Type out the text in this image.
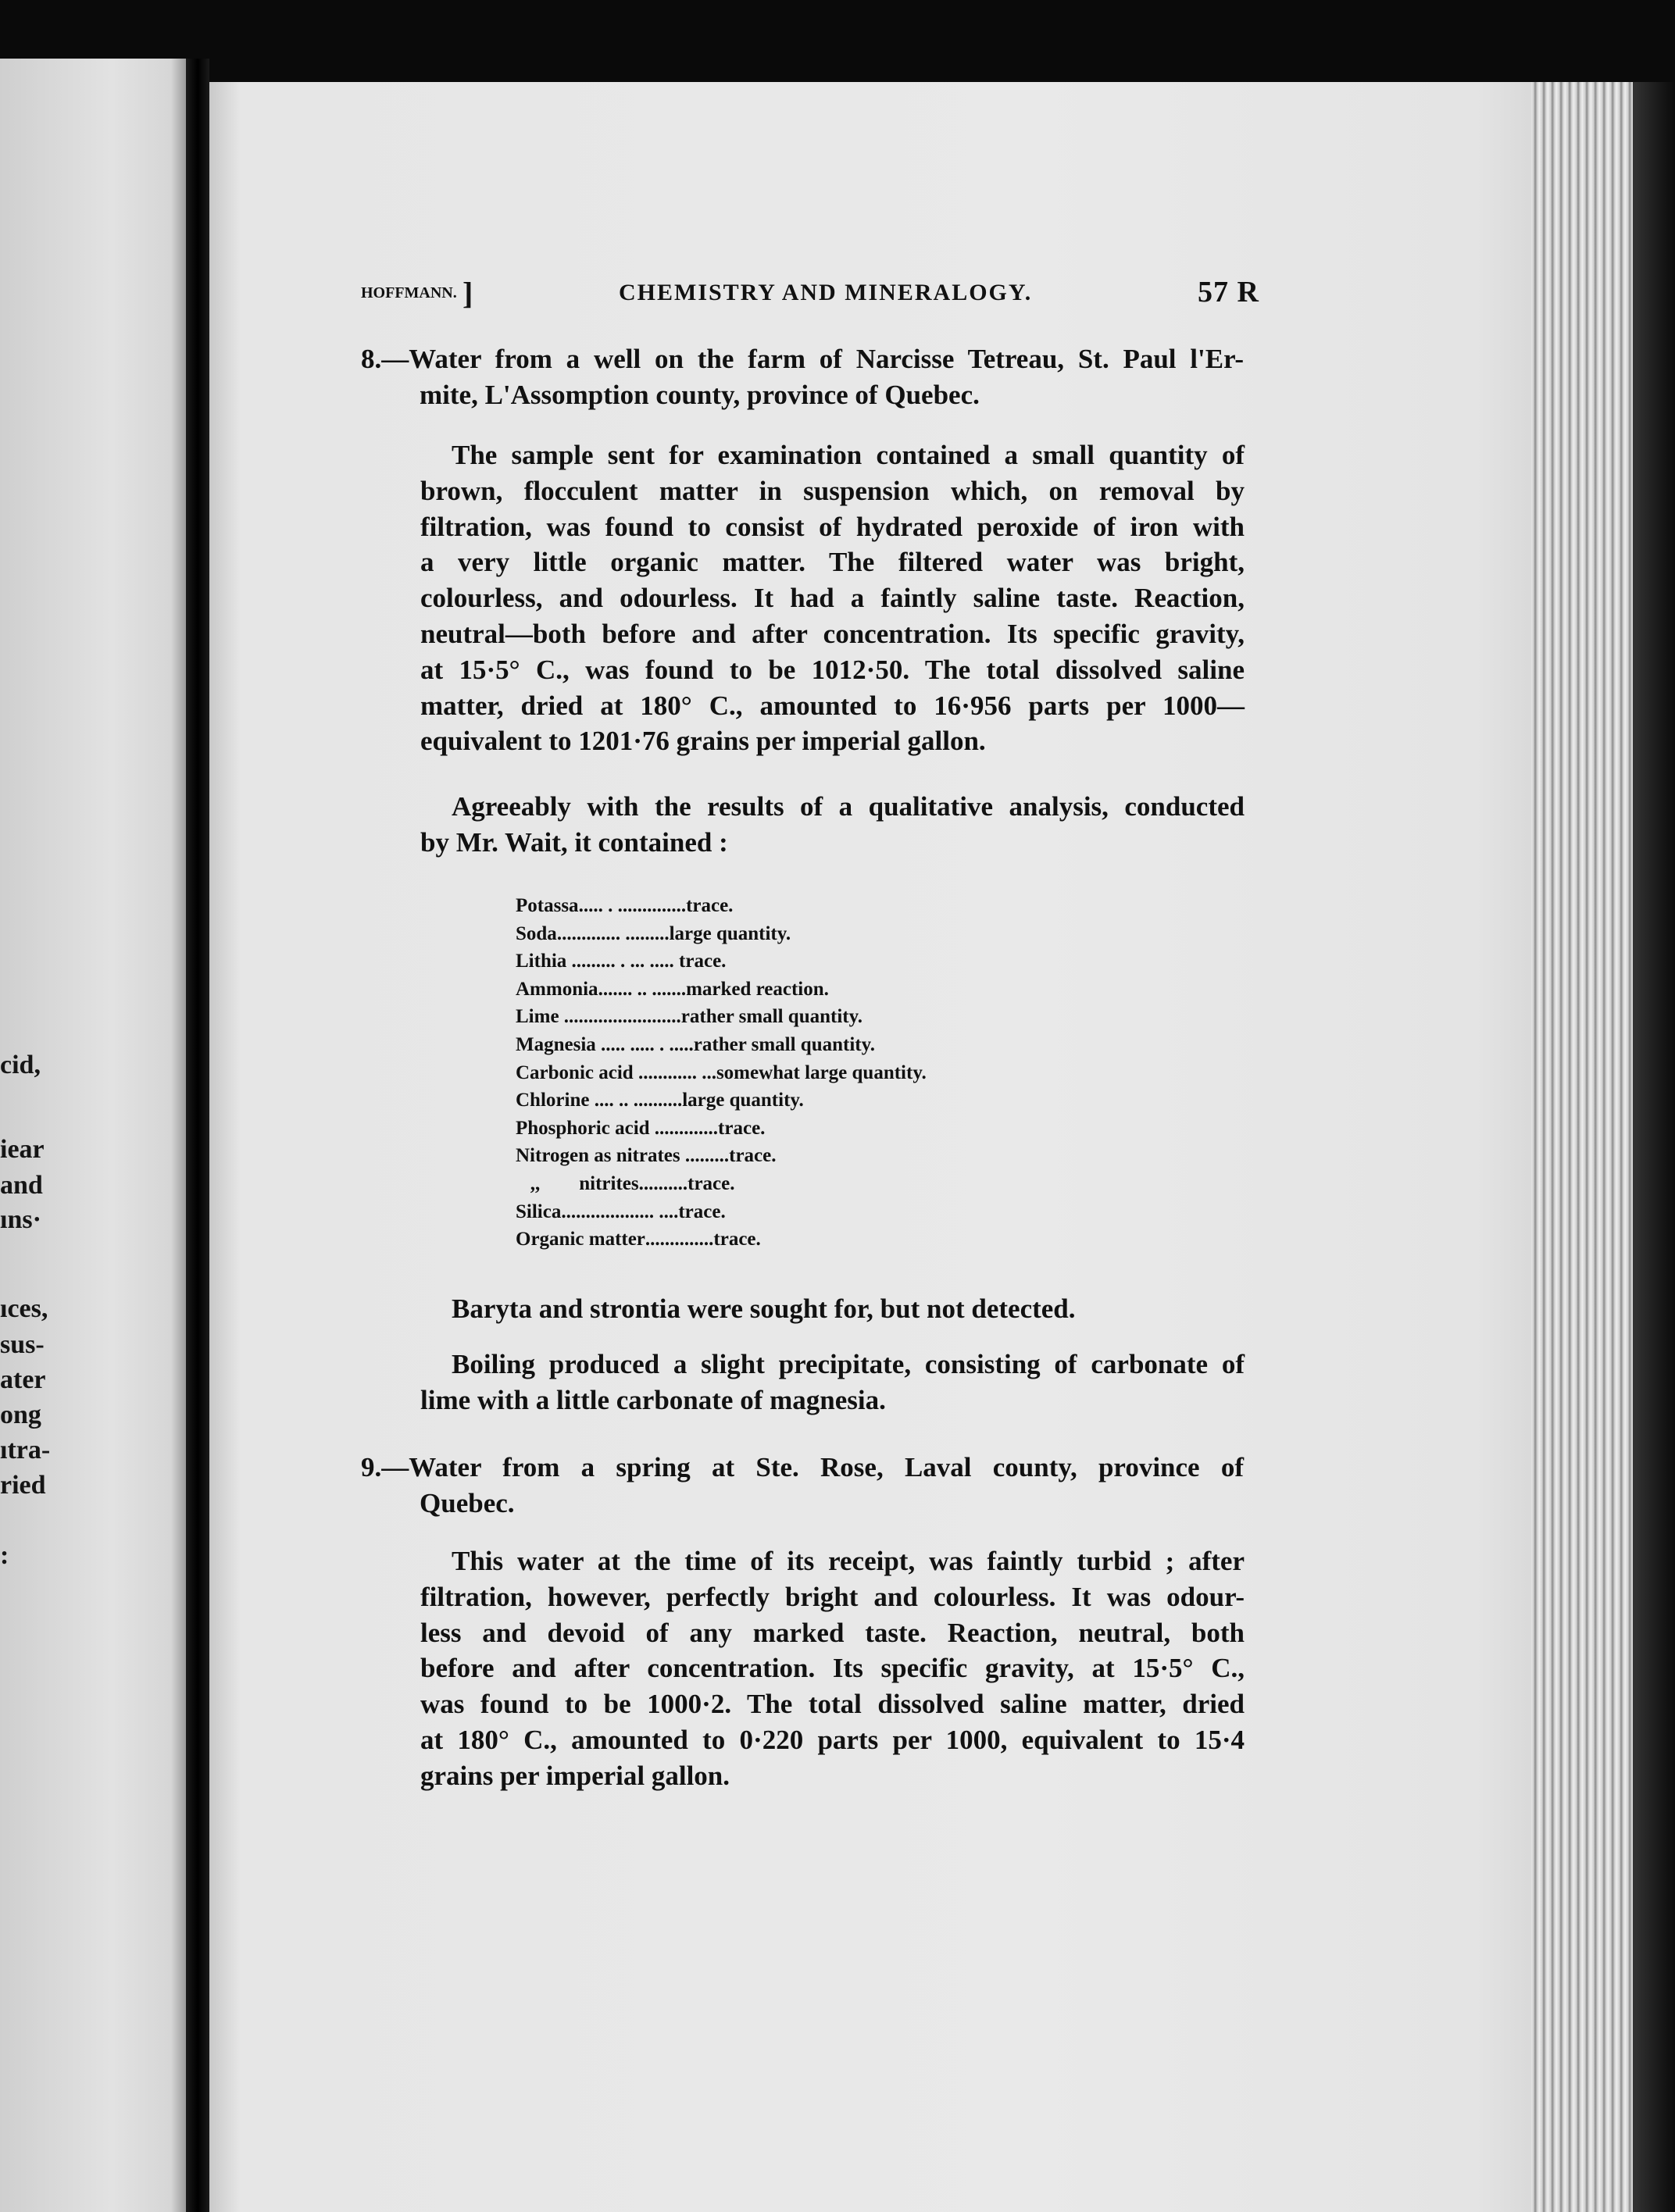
cid,
iear
and
ıns·
ıces,
sus-
ater
ong
ıtra-
ried
:
HOFFMANN. ]	CHEMISTRY AND MINERALOGY.	57 R
8.—Water from a well on the farm of Narcisse Tetreau, St. Paul l'Er-
mite, L'Assomption county, province of Quebec.
The sample sent for examination contained a small quantity of
brown, flocculent matter in suspension which, on removal by
filtration, was found to consist of hydrated peroxide of iron with
a very little organic matter. The filtered water was bright,
colourless, and odourless. It had a faintly saline taste. Reaction,
neutral—both before and after concentration. Its specific gravity,
at 15·5° C., was found to be 1012·50. The total dissolved saline
matter, dried at 180° C., amounted to 16·956 parts per 1000—
equivalent to 1201·76 grains per imperial gallon.
Agreeably with the results of a qualitative analysis, conducted
by Mr. Wait, it contained :
Potassa ..... . .............. trace.
Soda ............. ......... large quantity.
Lithia ......... . ... ..... trace.
Ammonia ....... .. ....... marked reaction.
Lime ........................ rather small quantity.
Magnesia ..... ..... . ..... rather small quantity.
Carbonic acid ............ ... somewhat large quantity.
Chlorine .... .. .......... large quantity.
Phosphoric acid ............. trace.
Nitrogen as nitrates ......... trace.
,,        nitrites .......... trace.
Silica ................... .... trace.
Organic matter .............. trace.
Baryta and strontia were sought for, but not detected.
Boiling produced a slight precipitate, consisting of carbonate of
lime with a little carbonate of magnesia.
9.—Water from a spring at Ste. Rose, Laval county, province of
Quebec.
This water at the time of its receipt, was faintly turbid ; after
filtration, however, perfectly bright and colourless. It was odour-
less and devoid of any marked taste. Reaction, neutral, both
before and after concentration. Its specific gravity, at 15·5° C.,
was found to be 1000·2. The total dissolved saline matter, dried
at 180° C., amounted to 0·220 parts per 1000, equivalent to 15·4
grains per imperial gallon.
